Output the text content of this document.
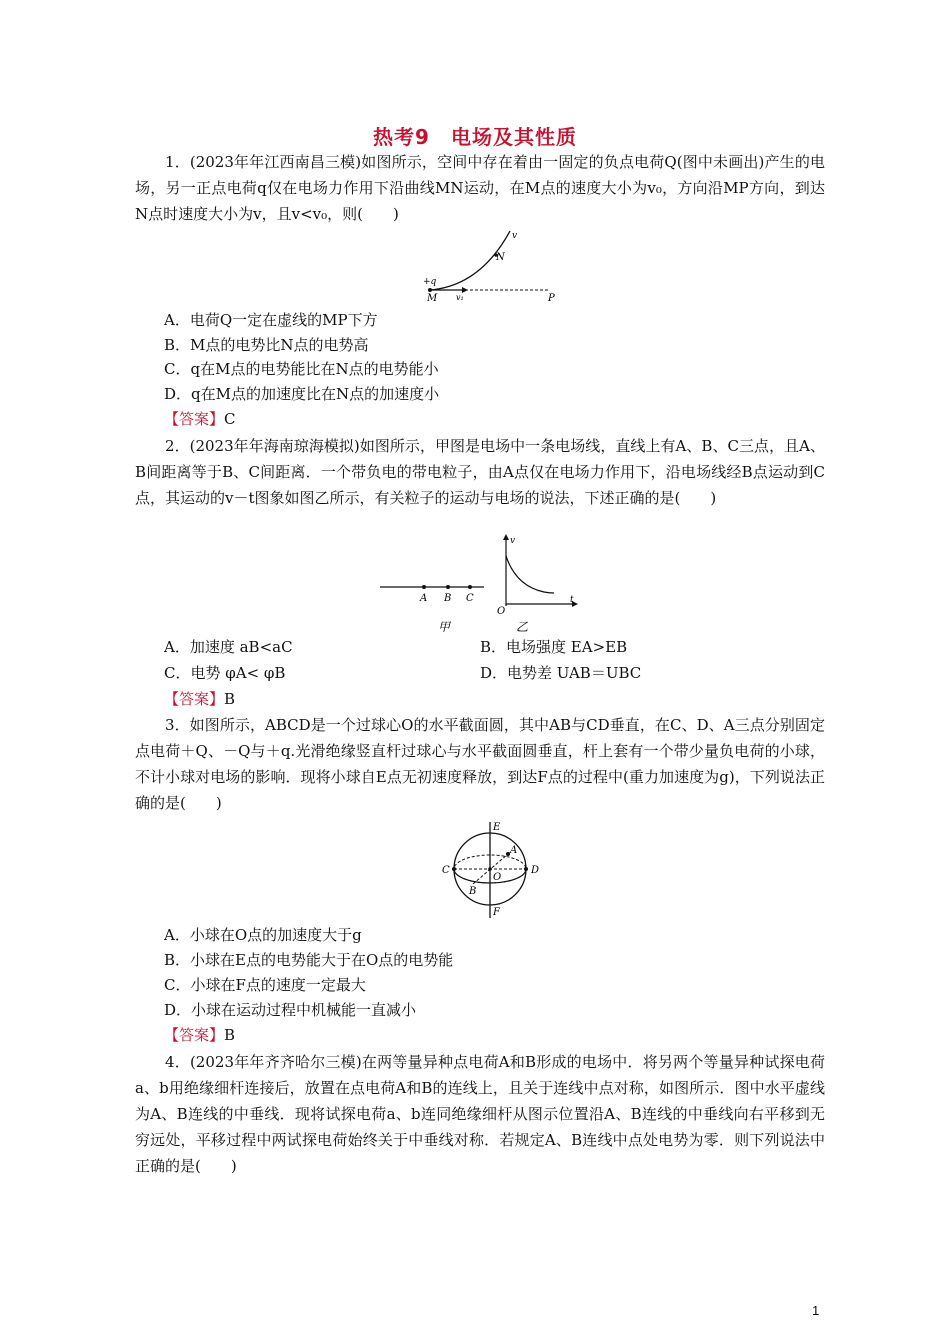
热考9　电场及其性质
1．(2023年年江西南昌三模)如图所示，空间中存在着由一固定的负点电荷Q(图中未画出)产生的电场，另一正点电荷q仅在电场力作用下沿曲线MN运动，在M点的速度大小为v₀，方向沿MP方向，到达N点时速度大小为v，且v<v₀，则(　　)
v
N
+q
M v₁	P
A．电荷Q一定在虚线的MP下方
B．M点的电势比N点的电势高
C．q在M点的电势能比在N点的电势能小
D．q在M点的加速度比在N点的加速度小
【答案】C
2．(2023年年海南琼海模拟)如图所示，甲图是电场中一条电场线，直线上有A、B、C三点，且A、B间距离等于B、C间距离．一个带负电的带电粒子，由A点仅在电场力作用下，沿电场线经B点运动到C点，其运动的v－t图象如图乙所示，有关粒子的运动与电场的说法，下述正确的是(　　)
A B C
甲
v
O
t
乙
A．加速度 aB<aC	B．电场强度 EA>EB
C．电势 φA< φB	D．电势差 UAB＝UBC
【答案】B
3．如图所示，ABCD是一个过球心O的水平截面圆，其中AB与CD垂直，在C、D、A三点分别固定点电荷＋Q、－Q与＋q.光滑绝缘竖直杆过球心与水平截面圆垂直，杆上套有一个带少量负电荷的小球，不计小球对电场的影响．现将小球自E点无初速度释放，到达F点的过程中(重力加速度为g)，下列说法正确的是(　　)
E
A
C
O
D
B
F
A．小球在O点的加速度大于g
B．小球在E点的电势能大于在O点的电势能
C．小球在F点的速度一定最大
D．小球在运动过程中机械能一直减小
【答案】B
4．(2023年年齐齐哈尔三模)在两等量异种点电荷A和B形成的电场中．将另两个等量异种试探电荷a、b用绝缘细杆连接后，放置在点电荷A和B的连线上，且关于连线中点对称，如图所示．图中水平虚线为A、B连线的中垂线．现将试探电荷a、b连同绝缘细杆从图示位置沿A、B连线的中垂线向右平移到无穷远处，平移过程中两试探电荷始终关于中垂线对称．若规定A、B连线中点处电势为零．则下列说法中正确的是(　　)
1
